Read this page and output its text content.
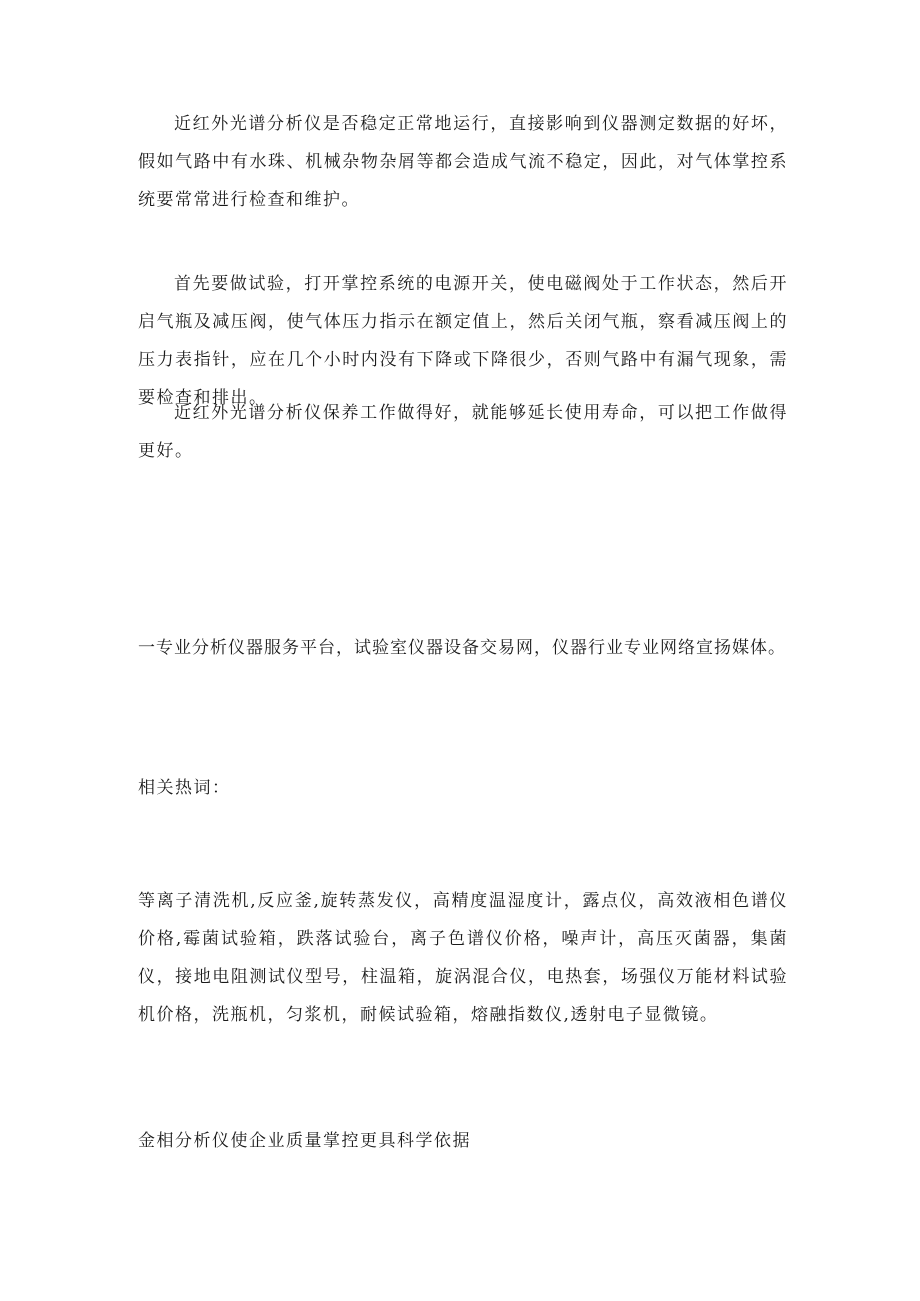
近红外光谱分析仪是否稳定正常地运行，直接影响到仪器测定数据的好坏，假如气路中有水珠、机械杂物杂屑等都会造成气流不稳定，因此，对气体掌控系统要常常进行检查和维护。

首先要做试验，打开掌控系统的电源开关，使电磁阀处于工作状态，然后开启气瓶及减压阀，使气体压力指示在额定值上，然后关闭气瓶，察看减压阀上的压力表指针，应在几个小时内没有下降或下降很少，否则气路中有漏气现象，需要检查和排出。

近红外光谱分析仪保养工作做得好，就能够延长使用寿命，可以把工作做得更好。

一专业分析仪器服务平台，试验室仪器设备交易网，仪器行业专业网络宣扬媒体。

相关热词：

等离子清洗机,反应釜,旋转蒸发仪，高精度温湿度计，露点仪，高效液相色谱仪价格,霉菌试验箱，跌落试验台，离子色谱仪价格，噪声计，高压灭菌器，集菌仪，接地电阻测试仪型号，柱温箱，旋涡混合仪，电热套，场强仪万能材料试验机价格，洗瓶机，匀浆机，耐候试验箱，熔融指数仪,透射电子显微镜。

金相分析仪使企业质量掌控更具科学依据
